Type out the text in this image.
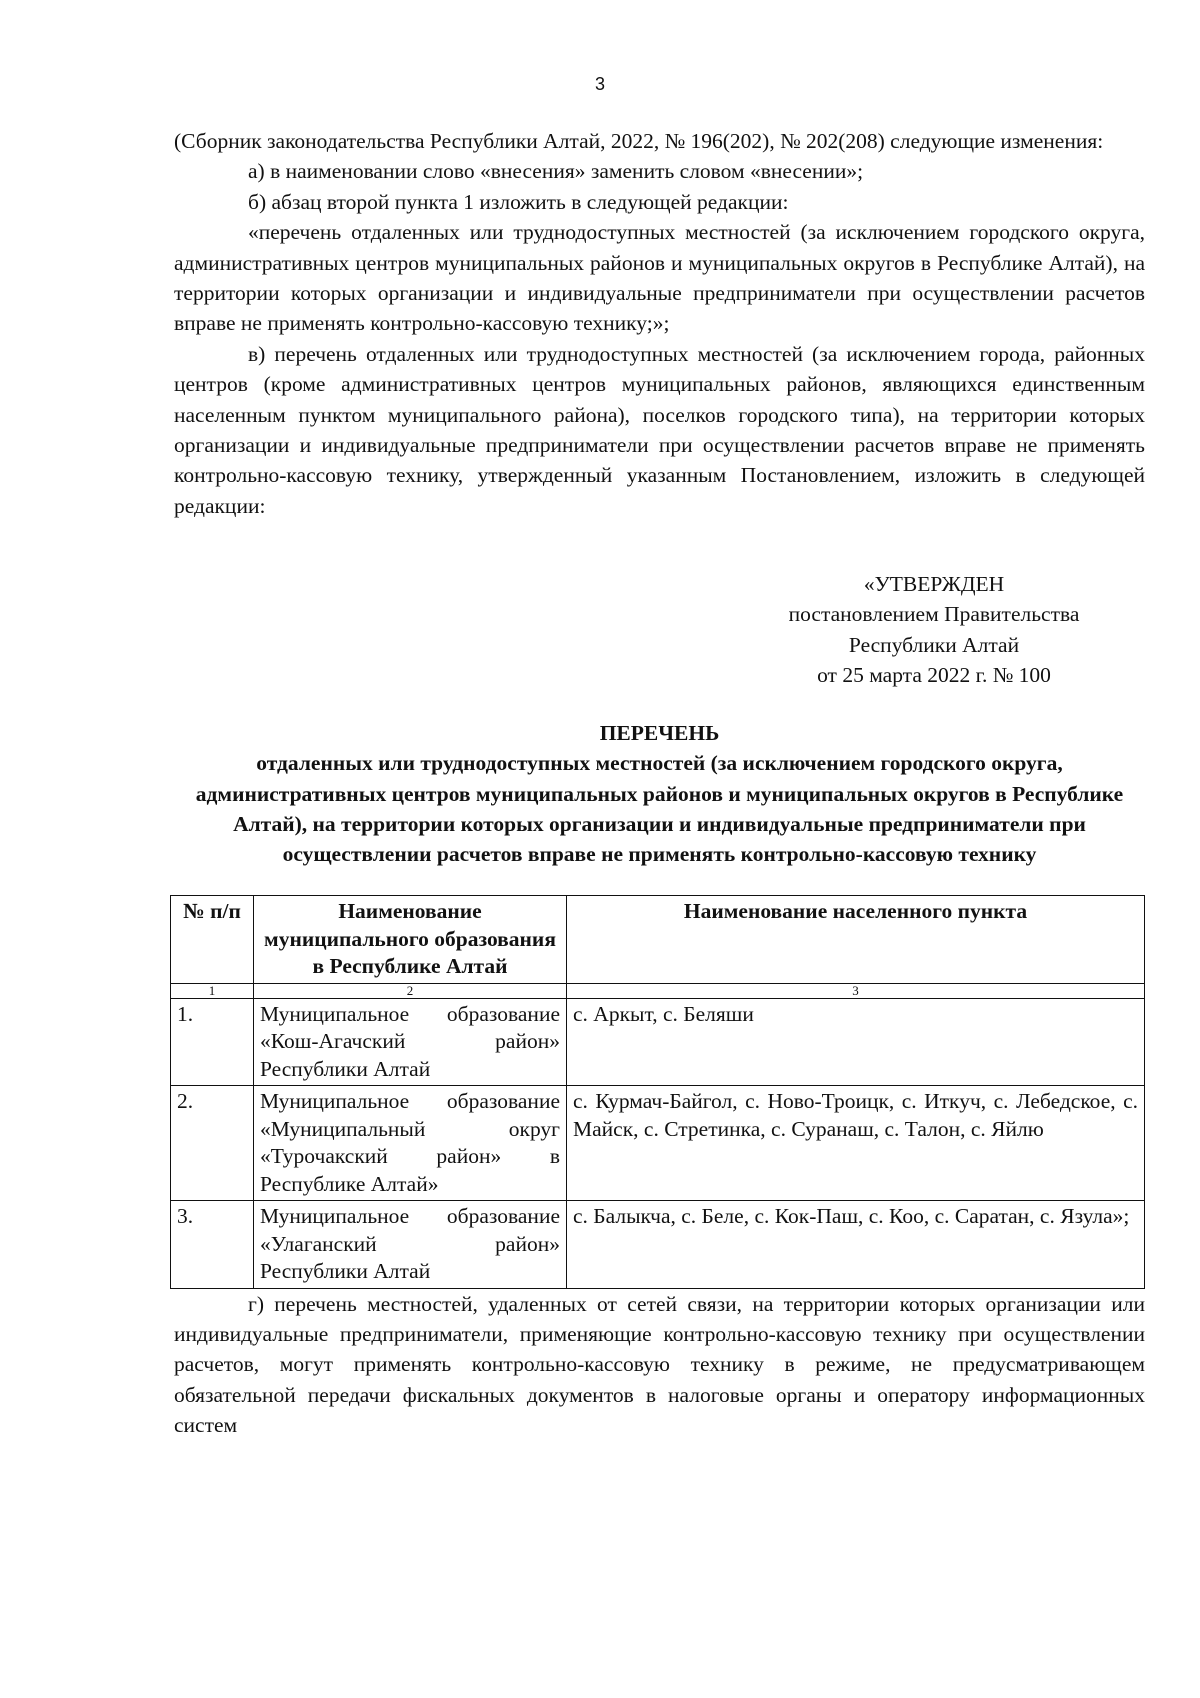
3

(Сборник законодательства Республики Алтай, 2022, № 196(202), № 202(208) следующие изменения:

а) в наименовании слово «внесения» заменить словом «внесении»;

б) абзац второй пункта 1 изложить в следующей редакции:

«перечень отдаленных или труднодоступных местностей (за исключением городского округа, административных центров муниципальных районов и муниципальных округов в Республике Алтай), на территории которых организации и индивидуальные предприниматели при осуществлении расчетов вправе не применять контрольно-кассовую технику;»;

в) перечень отдаленных или труднодоступных местностей (за исключением города, районных центров (кроме административных центров муниципальных районов, являющихся единственным населенным пунктом муниципального района), поселков городского типа), на территории которых организации и индивидуальные предприниматели при осуществлении расчетов вправе не применять контрольно-кассовую технику, утвержденный указанным Постановлением, изложить в следующей редакции:

«УТВЕРЖДЕН
постановлением Правительства
Республики Алтай
от 25 марта 2022 г. № 100
ПЕРЕЧЕНЬ
отдаленных или труднодоступных местностей (за исключением городского округа, административных центров муниципальных районов и муниципальных округов в Республике Алтай), на территории которых организации и индивидуальные предприниматели при осуществлении расчетов вправе не применять контрольно-кассовую технику
№ п/п	Наименование муниципального образования в Республике Алтай	Наименование населенного пункта
1	2	3
1.	Муниципальное образование «Кош-Агачский район» Республики Алтай	с. Аркыт, с. Беляши
2.	Муниципальное образование «Муниципальный округ «Турочакский район» в Республике Алтай»	с. Курмач-Байгол, с. Ново-Троицк, с. Иткуч, с. Лебедское, с. Майск, с. Стретинка, с. Суранаш, с. Талон, с. Яйлю
3.	Муниципальное образование «Улаганский район» Республики Алтай	с. Балыкча, с. Беле, с. Кок-Паш, с. Коо, с. Саратан, с. Язула»;

г) перечень местностей, удаленных от сетей связи, на территории которых организации или индивидуальные предприниматели, применяющие контрольно-кассовую технику при осуществлении расчетов, могут применять контрольно-кассовую технику в режиме, не предусматривающем обязательной передачи фискальных документов в налоговые органы и оператору информационных систем
